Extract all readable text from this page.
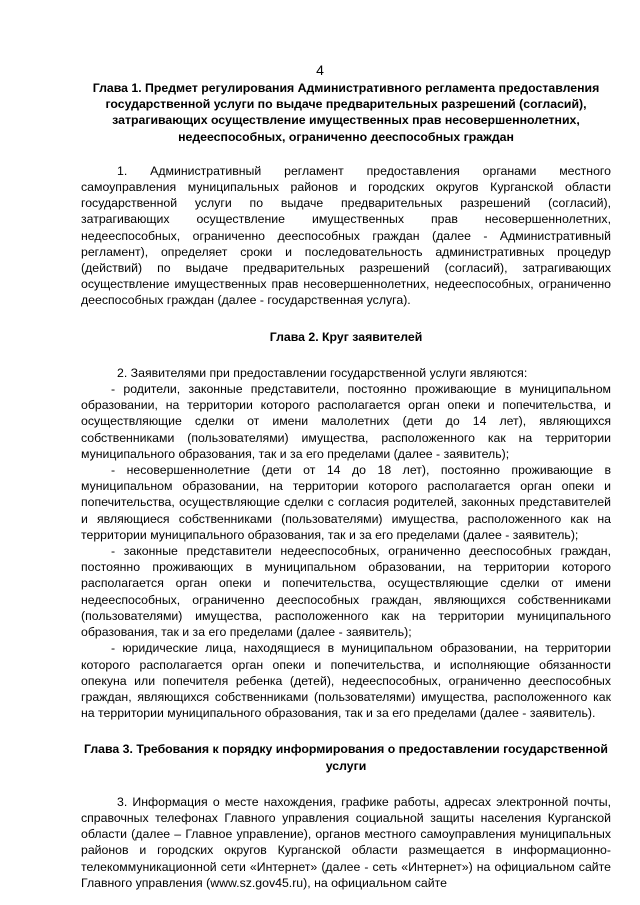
4

Глава 1. Предмет регулирования Административного регламента предоставления государственной услуги по выдаче предварительных разрешений (согласий), затрагивающих осуществление имущественных прав несовершеннолетних, недееспособных, ограниченно дееспособных граждан

1. Административный регламент предоставления органами местного самоуправления муниципальных районов и городских округов Курганской области государственной услуги по выдаче предварительных разрешений (согласий), затрагивающих осуществление имущественных прав несовершеннолетних, недееспособных, ограниченно дееспособных граждан (далее - Административный регламент), определяет сроки и последовательность административных процедур (действий) по выдаче предварительных разрешений (согласий), затрагивающих осуществление имущественных прав несовершеннолетних, недееспособных, ограниченно дееспособных граждан (далее - государственная услуга).

Глава 2. Круг заявителей

2. Заявителями при предоставлении государственной услуги являются:

- родители, законные представители, постоянно проживающие в муниципальном образовании, на территории которого располагается орган опеки и попечительства, и осуществляющие сделки от имени малолетних (дети до 14 лет), являющихся собственниками (пользователями) имущества, расположенного как на территории муниципального образования, так и за его пределами (далее - заявитель);

- несовершеннолетние (дети от 14 до 18 лет), постоянно проживающие в муниципальном образовании, на территории которого располагается орган опеки и попечительства, осуществляющие сделки с согласия родителей, законных представителей и являющиеся собственниками (пользователями) имущества, расположенного как на территории муниципального образования, так и за его пределами (далее - заявитель);

- законные представители недееспособных, ограниченно дееспособных граждан, постоянно проживающих в муниципальном образовании, на территории которого располагается орган опеки и попечительства, осуществляющие сделки от имени недееспособных, ограниченно дееспособных граждан, являющихся собственниками (пользователями) имущества, расположенного как на территории муниципального образования, так и за его пределами (далее - заявитель);

- юридические лица, находящиеся в муниципальном образовании, на территории которого располагается орган опеки и попечительства, и исполняющие обязанности опекуна или попечителя ребенка (детей), недееспособных, ограниченно дееспособных граждан, являющихся собственниками (пользователями) имущества, расположенного как на территории муниципального образования, так и за его пределами (далее - заявитель).

Глава 3. Требования к порядку информирования о предоставлении государственной услуги

3. Информация о месте нахождения, графике работы, адресах электронной почты, справочных телефонах Главного управления социальной защиты населения Курганской области (далее – Главное управление), органов местного самоуправления муниципальных районов и городских округов Курганской области размещается в информационно-телекоммуникационной сети «Интернет» (далее - сеть «Интернет») на официальном сайте Главного управления (www.sz.gov45.ru), на официальном сайте
